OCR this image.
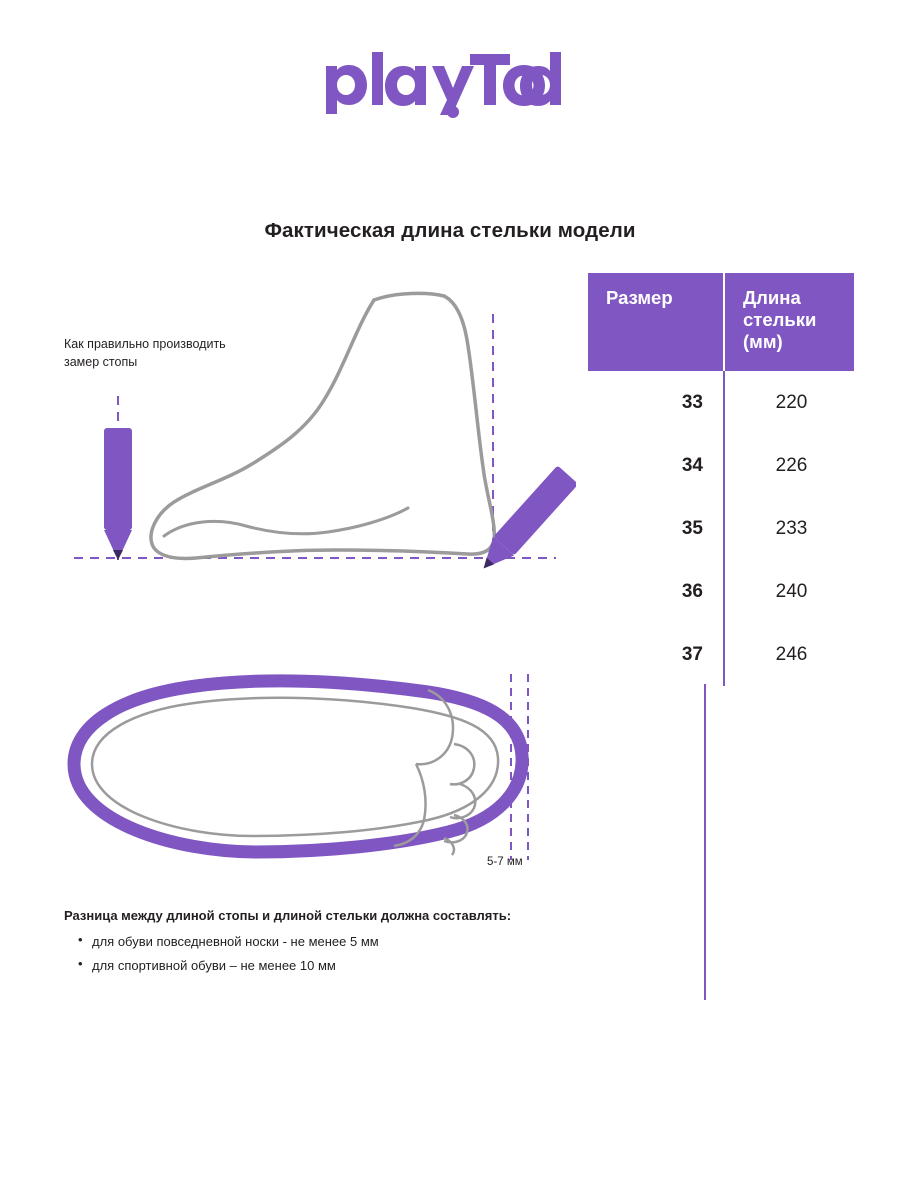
Фактическая длина стельки модели
Как правильно производить
замер стопы
5-7 мм
Размер	Длина
стельки
(мм)
33	220
34	226
35	233
36	240
37	246
Разница между длиной стопы и длиной стельки должна составлять:
• для обуви повседневной носки - не менее 5 мм
• для спортивной обуви – не менее 10 мм
